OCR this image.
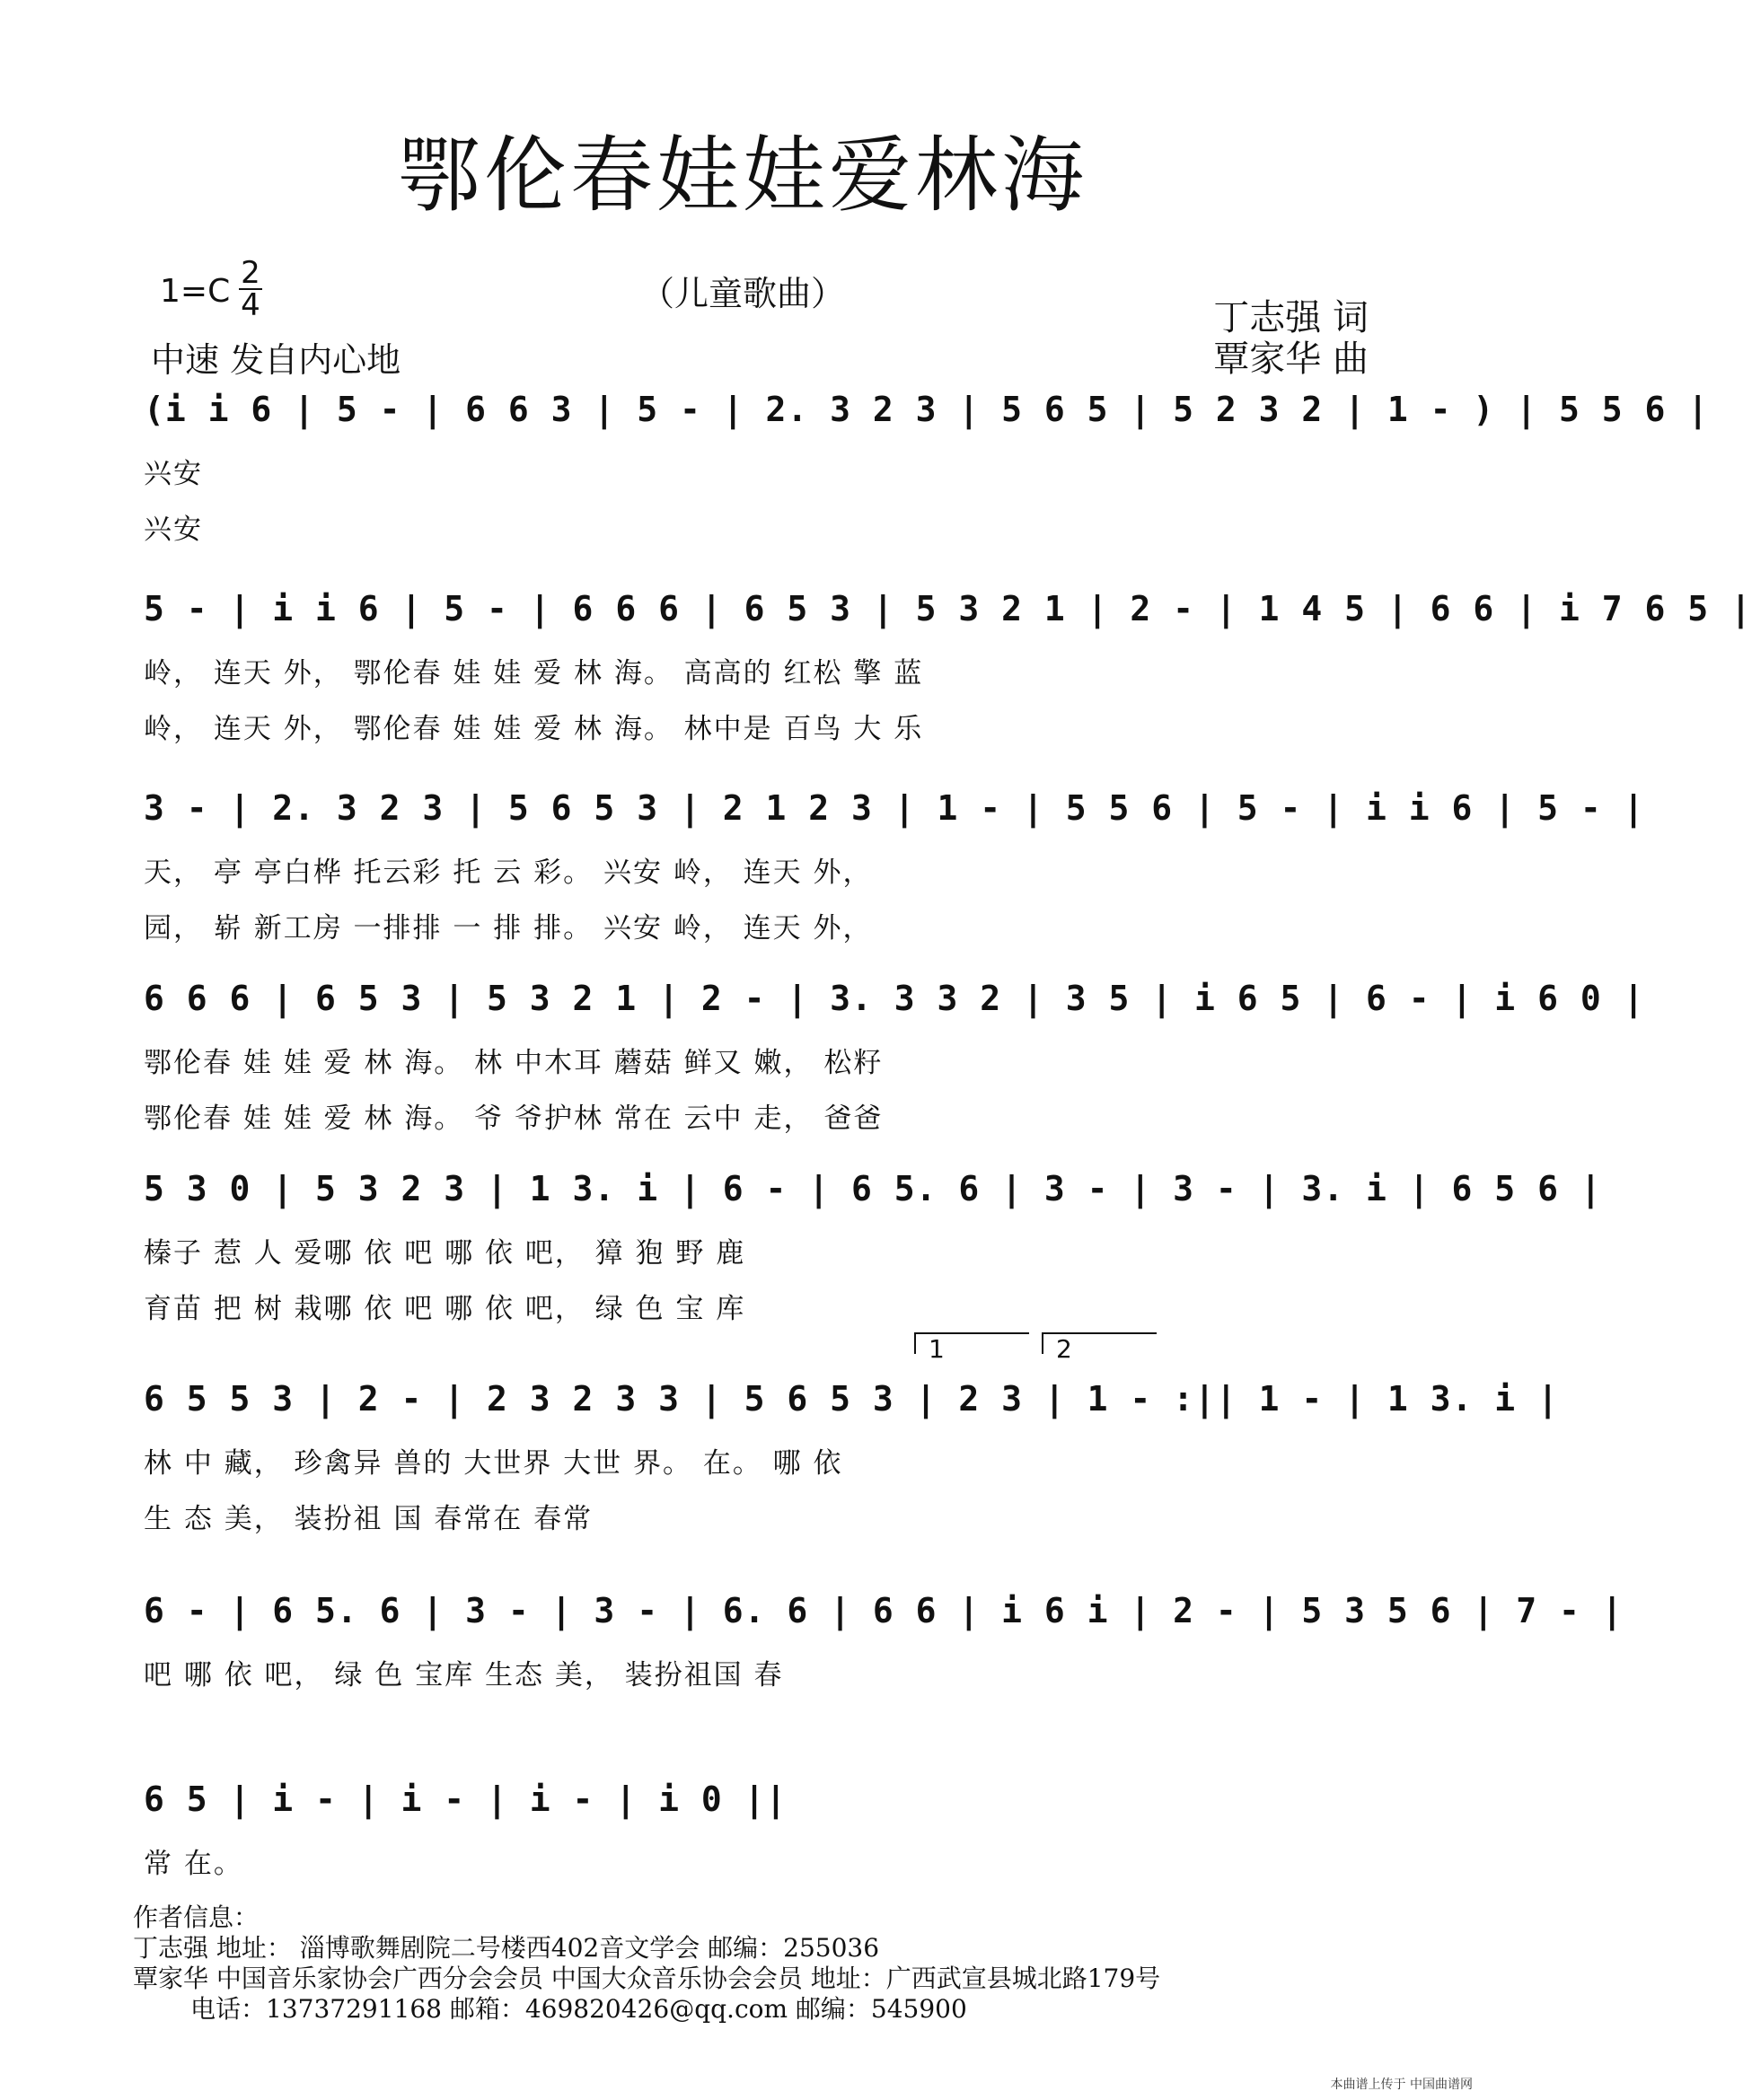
鄂伦春娃娃爱林海
（儿童歌曲）
1=C 2
4
中速 发自内心地
丁志强 词
覃家华 曲
(i i 6 | 5 - | 6 6 3 | 5 - | 2. 3 2 3 | 5 6 5 | 5 2 3 2 | 1 - ) | 5 5 6 |
兴安
兴安
5 - | i i 6 | 5 - | 6 6 6 | 6 5 3 | 5 3 2 1 | 2 - | 1 4 5 | 6 6 | i 7 6 5 |
岭， 连天 外， 鄂伦春 娃 娃 爱 林 海。 高高的 红松 擎 蓝
岭， 连天 外， 鄂伦春 娃 娃 爱 林 海。 林中是 百鸟 大 乐
3 - | 2. 3 2 3 | 5 6 5 3 | 2 1 2 3 | 1 - | 5 5 6 | 5 - | i i 6 | 5 - |
天， 亭 亭白桦 托云彩 托 云 彩。 兴安 岭， 连天 外，
园， 崭 新工房 一排排 一 排 排。 兴安 岭， 连天 外，
6 6 6 | 6 5 3 | 5 3 2 1 | 2 - | 3. 3 3 2 | 3 5 | i 6 5 | 6 - | i 6 0 |
鄂伦春 娃 娃 爱 林 海。 林 中木耳 蘑菇 鲜又 嫩， 松籽
鄂伦春 娃 娃 爱 林 海。 爷 爷护林 常在 云中 走， 爸爸
5 3 0 | 5 3 2 3 | 1 3. i | 6 - | 6 5. 6 | 3 - | 3 - | 3. i | 6 5 6 |
榛子 惹 人 爱哪 依 吧 哪 依 吧， 獐 狍 野 鹿
育苗 把 树 栽哪 依 吧 哪 依 吧， 绿 色 宝 库
1	2
6 5 5 3 | 2 - | 2 3 2 3 3 | 5 6 5 3 | 2 3 | 1 - :|| 1 - | 1 3. i |
林 中 藏， 珍禽异 兽的 大世界 大世 界。 在。 哪 依
生 态 美， 装扮祖 国 春常在 春常
6 - | 6 5. 6 | 3 - | 3 - | 6. 6 | 6 6 | i 6 i | 2 - | 5 3 5 6 | 7 - |
吧 哪 依 吧， 绿 色 宝库 生态 美， 装扮祖国 春
6 5 | i - | i - | i - | i 0 ||
常 在。
作者信息：
丁志强 地址： 淄博歌舞剧院二号楼西402音文学会 邮编：255036
覃家华 中国音乐家协会广西分会会员 中国大众音乐协会会员 地址：广西武宣县城北路179号
电话：13737291168 邮箱：469820426@qq.com 邮编：545900
本曲谱上传于 中国曲谱网
